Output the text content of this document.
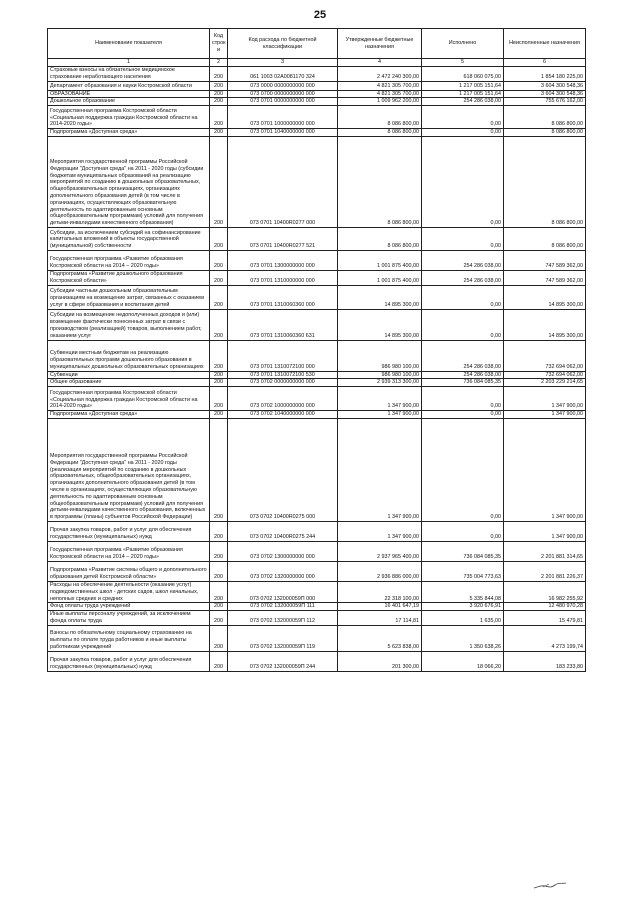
25
Наименование показателя	Код строк и	Код расхода по бюджетной классификации	Утвержденные бюджетные назначения	Исполнено	Неисполненные назначения
1	2	3	4	5	6
Страховые взносы на обязательное медицинское страхование неработающего населения	200	061 1003 02А0081170 324	2 472 240 300,00	618 060 075,00	1 854 180 225,00
Департамент образования и науки Костромской области	200	073 0000 0000000000 000	4 821 305 700,00	1 217 005 151,64	3 604 300 548,36
ОБРАЗОВАНИЕ	200	073 0700 0000000000 000	4 821 305 700,00	1 217 005 151,64	3 604 300 548,36
Дошкольное образование	200	073 0701 0000000000 000	1 009 962 200,00	254 286 038,00	755 676 162,00
Государственная программа Костромской области «Социальная поддержка граждан Костромской области на 2014-2020 годы»	200	073 0701 1000000000 000	8 086 800,00	0,00	8 086 800,00
Подпрограмма «Доступная среда»	200	073 0701 1040000000 000	8 086 800,00	0,00	8 086 800,00
Мероприятия государственной программы Российской Федерации "Доступная среда" на 2011 - 2020 годы (субсидии бюджетам муниципальных образований на реализацию мероприятий по созданию в дошкольных образовательных, общеобразовательных организациях, организациях дополнительного образования детей (в том числе в организациях, осуществляющих образовательную деятельность по адаптированным основным общеобразовательным программам) условий для получения детьми-инвалидами качественного образования)	200	073 0701 10400R0277 000	8 086 800,00	0,00	8 086 800,00
Субсидии, за исключением субсидий на софинансирование капитальных вложений в объекты государственной (муниципальной) собственности	200	073 0701 10400R0277 521	8 086 800,00	0,00	8 086 800,00
Государственная программа «Развитие образования Костромской области на 2014 – 2020 годы»	200	073 0701 1300000000 000	1 001 875 400,00	254 286 038,00	747 589 362,00
Подпрограмма «Развитие дошкольного образования Костромской области»	200	073 0701 1310000000 000	1 001 875 400,00	254 286 038,00	747 589 362,00
Субсидии частным дошкольным образовательным организациям на возмещение затрат, связанных с оказанием услуг в сфере образования и воспитания детей	200	073 0701 1310060360 000	14 895 300,00	0,00	14 895 300,00
Субсидии на возмещение недополученных доходов и (или) возмещение фактически понесенных затрат в связи с производством (реализацией) товаров, выполнением работ, оказанием услуг	200	073 0701 1310060360 631	14 895 300,00	0,00	14 895 300,00
Субвенции местным бюджетам на реализацию образовательных программ дошкольного образования в муниципальных дошкольных образовательных организациях	200	073 0701 1310072100 000	986 980 100,00	254 286 038,00	732 694 062,00
Субвенции	200	073 0701 1310072100 530	986 980 100,00	254 286 038,00	732 694 062,00
Общее образование	200	073 0702 0000000000 000	2 939 313 300,00	736 084 085,35	2 203 229 214,65
Государственная программа Костромской области «Социальная поддержка граждан Костромской области на 2014-2020 годы»	200	073 0702 1000000000 000	1 347 900,00	0,00	1 347 900,00
Подпрограмма «Доступная среда»	200	073 0702 1040000000 000	1 347 900,00	0,00	1 347 900,00
Мероприятия государственной программы Российской Федерации "Доступная среда" на 2011 - 2020 годы (реализация мероприятий по созданию в дошкольных образовательных, общеобразовательных организациях, организациях дополнительного образования детей (в том числе в организациях, осуществляющих образовательную деятельность по адаптированным основным общеобразовательным программам) условий для получения детьми-инвалидами качественного образования, включенных в программы (планы) субъектов Российской Федерации)	200	073 0702 10400R0275 000	1 347 900,00	0,00	1 347 900,00
Прочая закупка товаров, работ и услуг для обеспечения государственных (муниципальных) нужд	200	073 0702 10400R0275 244	1 347 900,00	0,00	1 347 900,00
Государственная программа «Развитие образования Костромской области на 2014 – 2020 годы»	200	073 0702 1300000000 000	2 937 965 400,00	736 084 085,35	2 201 881 314,65
Подпрограмма «Развитие системы общего и дополнительного образования детей Костромской области»	200	073 0702 1320000000 000	2 936 886 000,00	735 004 773,63	2 201 881 226,37
Расходы на обеспечение деятельности (оказание услуг) подведомственных школ - детских садов, школ начальных, неполных средних и средних	200	073 0702 132000059П 000	22 318 100,00	5 335 844,08	16 982 255,92
Фонд оплаты труда учреждений	200	073 0702 132000059П 111	16 401 647,19	3 920 676,91	12 480 970,28
Иные выплаты персоналу учреждений, за исключением фонда оплаты труда	200	073 0702 132000059П 112	17 114,81	1 635,00	15 479,81
Взносы по обязательному социальному страхованию на выплаты по оплате труда работников и иные выплаты работникам учреждений	200	073 0702 132000059П 119	5 623 838,00	1 350 638,26	4 273 199,74
Прочая закупка товаров, работ и услуг для обеспечения государственных (муниципальных) нужд	200	073 0702 132000059П 244	201 300,00	18 066,20	183 233,80
